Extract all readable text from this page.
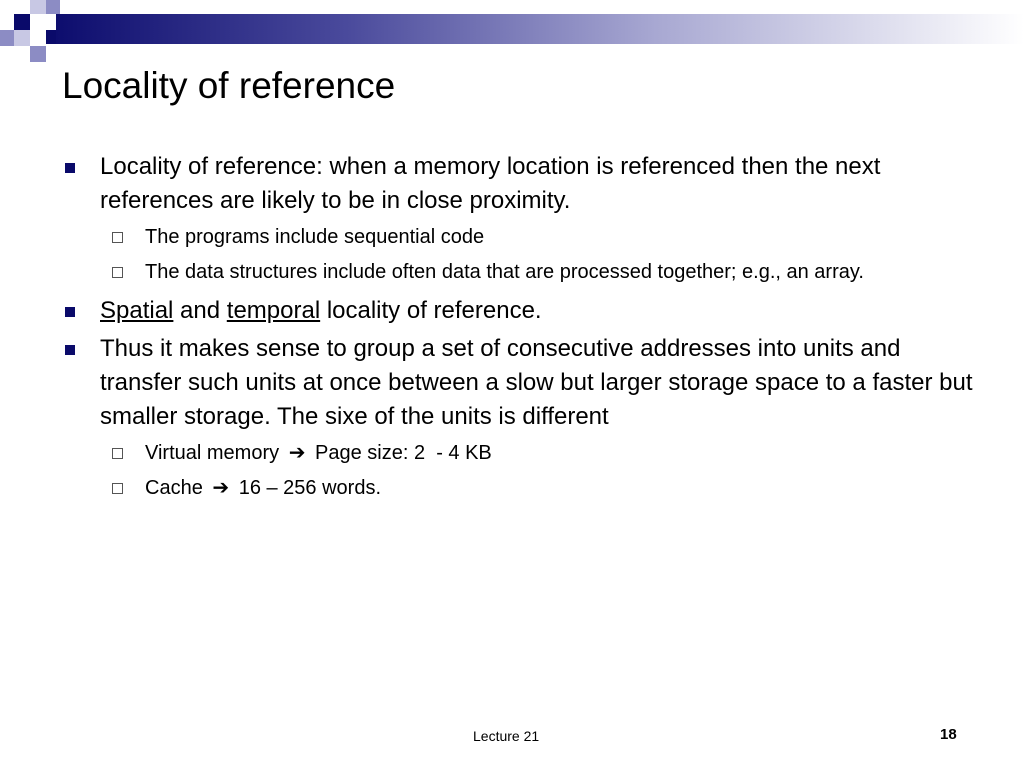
Locality of reference
Locality of reference: when a memory location is referenced then the next references are likely to be in close proximity.
The programs include sequential code
The data structures include often data that are processed together; e.g., an array.
Spatial and temporal locality of reference.
Thus it makes sense to group a set of consecutive addresses into units and transfer such units at once between a slow but larger storage space to a faster but smaller storage. The sixe of the units is different
Virtual memory ➔ Page size: 2  - 4 KB
Cache ➔ 16 – 256 words.
Lecture 21	18
